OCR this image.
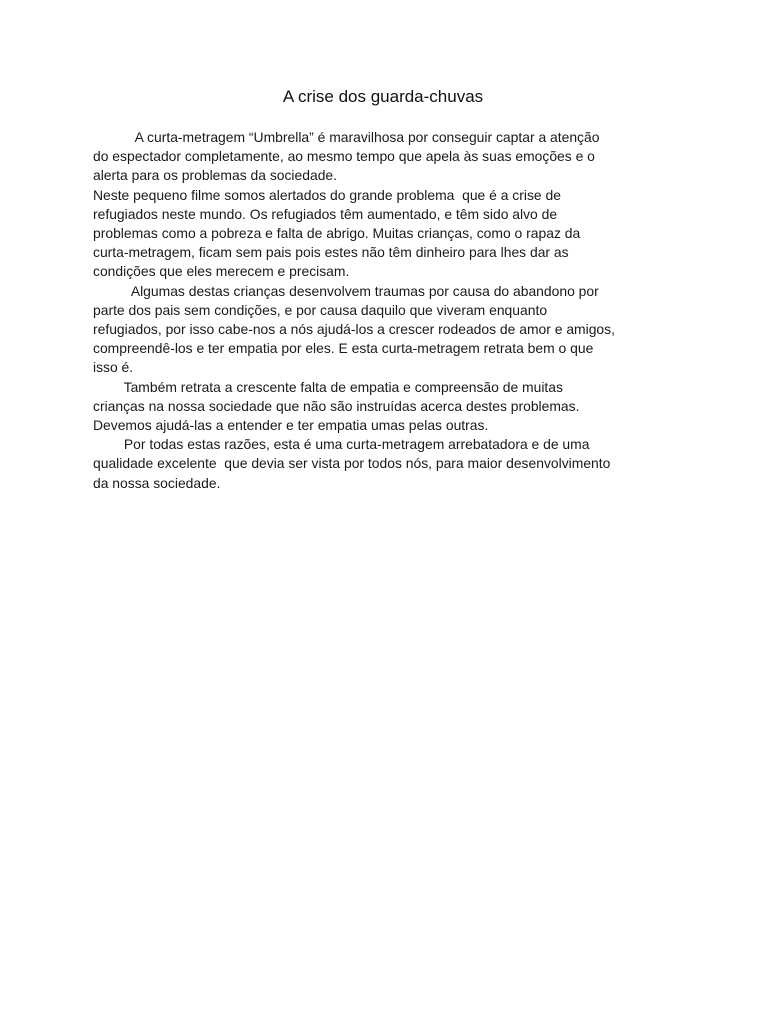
A crise dos guarda-chuvas
A curta-metragem “Umbrella” é maravilhosa por conseguir captar a atenção
do espectador completamente, ao mesmo tempo que apela às suas emoções e o
alerta para os problemas da sociedade.
Neste pequeno filme somos alertados do grande problema  que é a crise de
refugiados neste mundo. Os refugiados têm aumentado, e têm sido alvo de
problemas como a pobreza e falta de abrigo. Muitas crianças, como o rapaz da
curta-metragem, ficam sem pais pois estes não têm dinheiro para lhes dar as
condições que eles merecem e precisam.
Algumas destas crianças desenvolvem traumas por causa do abandono por
parte dos pais sem condições, e por causa daquilo que viveram enquanto
refugiados, por isso cabe-nos a nós ajudá-los a crescer rodeados de amor e amigos,
compreendê-los e ter empatia por eles. E esta curta-metragem retrata bem o que
isso é.
Também retrata a crescente falta de empatia e compreensão de muitas
crianças na nossa sociedade que não são instruídas acerca destes problemas.
Devemos ajudá-las a entender e ter empatia umas pelas outras.
Por todas estas razões, esta é uma curta-metragem arrebatadora e de uma
qualidade excelente  que devia ser vista por todos nós, para maior desenvolvimento
da nossa sociedade.
